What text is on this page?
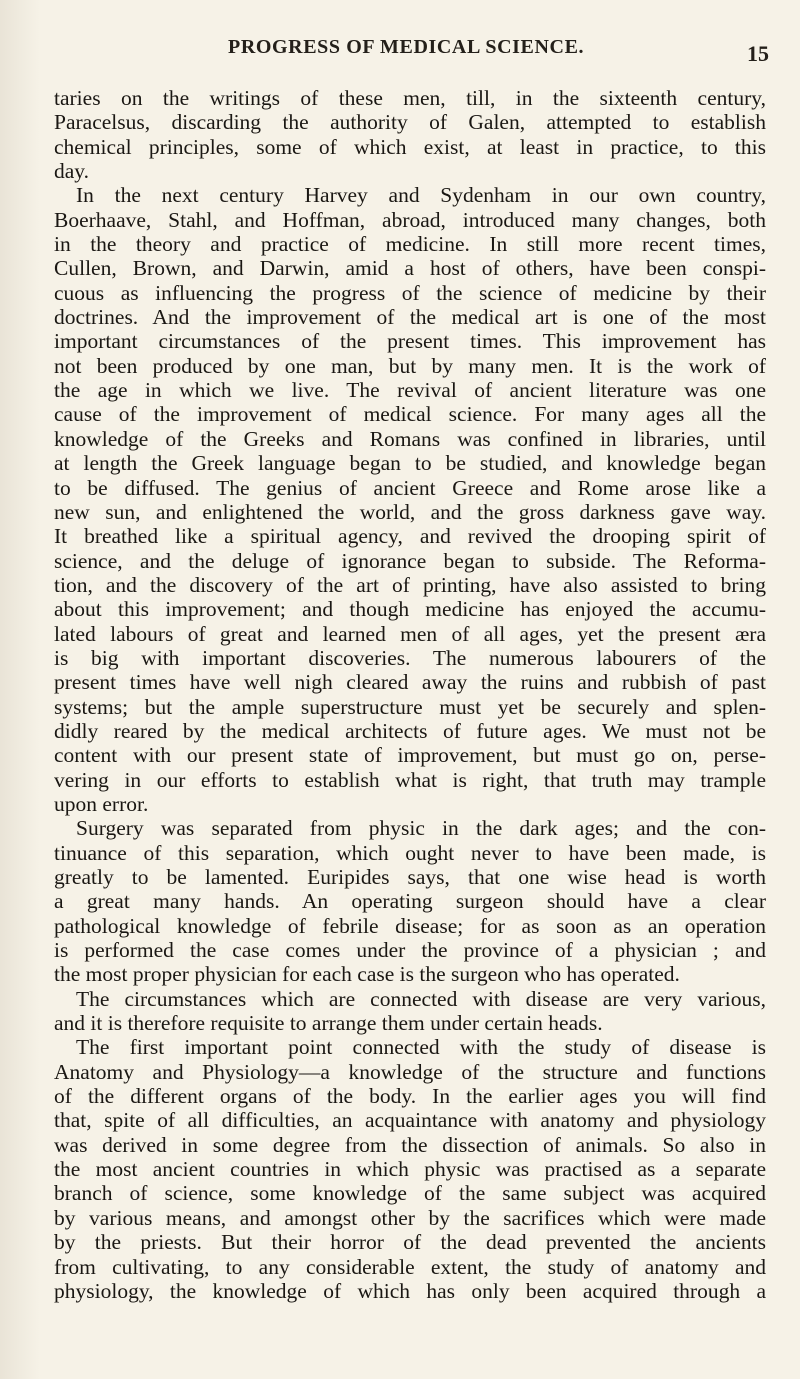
PROGRESS OF MEDICAL SCIENCE.	15
taries on the writings of these men, till, in the sixteenth century,
Paracelsus, discarding the authority of Galen, attempted to establish
chemical principles, some of which exist, at least in practice, to this
day.
In the next century Harvey and Sydenham in our own country,
Boerhaave, Stahl, and Hoffman, abroad, introduced many changes, both
in the theory and practice of medicine. In still more recent times,
Cullen, Brown, and Darwin, amid a host of others, have been conspi-
cuous as influencing the progress of the science of medicine by their
doctrines. And the improvement of the medical art is one of the most
important circumstances of the present times. This improvement has
not been produced by one man, but by many men. It is the work of
the age in which we live. The revival of ancient literature was one
cause of the improvement of medical science. For many ages all the
knowledge of the Greeks and Romans was confined in libraries, until
at length the Greek language began to be studied, and knowledge began
to be diffused. The genius of ancient Greece and Rome arose like a
new sun, and enlightened the world, and the gross darkness gave way.
It breathed like a spiritual agency, and revived the drooping spirit of
science, and the deluge of ignorance began to subside. The Reforma-
tion, and the discovery of the art of printing, have also assisted to bring
about this improvement; and though medicine has enjoyed the accumu-
lated labours of great and learned men of all ages, yet the present æra
is big with important discoveries. The numerous labourers of the
present times have well nigh cleared away the ruins and rubbish of past
systems; but the ample superstructure must yet be securely and splen-
didly reared by the medical architects of future ages. We must not be
content with our present state of improvement, but must go on, perse-
vering in our efforts to establish what is right, that truth may trample
upon error.
Surgery was separated from physic in the dark ages; and the con-
tinuance of this separation, which ought never to have been made, is
greatly to be lamented. Euripides says, that one wise head is worth
a great many hands. An operating surgeon should have a clear
pathological knowledge of febrile disease; for as soon as an operation
is performed the case comes under the province of a physician ; and
the most proper physician for each case is the surgeon who has operated.
The circumstances which are connected with disease are very various,
and it is therefore requisite to arrange them under certain heads.
The first important point connected with the study of disease is
Anatomy and Physiology—a knowledge of the structure and functions
of the different organs of the body. In the earlier ages you will find
that, spite of all difficulties, an acquaintance with anatomy and physiology
was derived in some degree from the dissection of animals. So also in
the most ancient countries in which physic was practised as a separate
branch of science, some knowledge of the same subject was acquired
by various means, and amongst other by the sacrifices which were made
by the priests. But their horror of the dead prevented the ancients
from cultivating, to any considerable extent, the study of anatomy and
physiology, the knowledge of which has only been acquired through a
